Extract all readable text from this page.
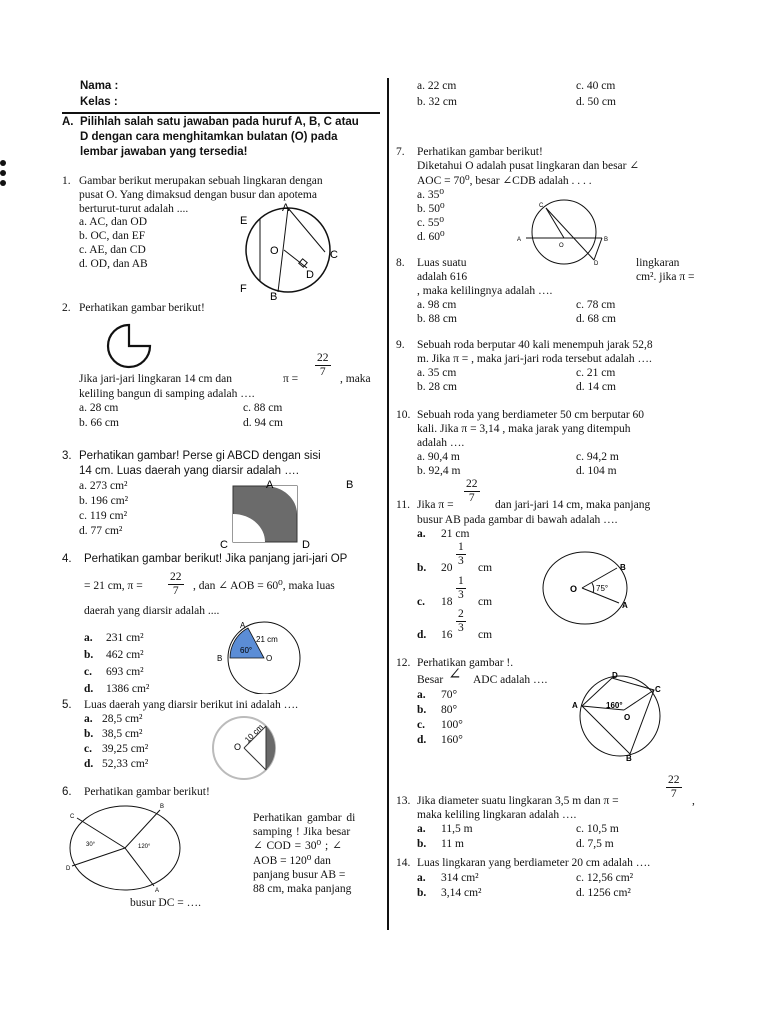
Nama :
Kelas :
A. Pilihlah salah satu jawaban pada huruf A, B, C atau
D dengan cara menghitamkan bulatan (O) pada
lembar jawaban yang tersedia!
1. Gambar berikut merupakan sebuah lingkaran dengan
pusat O. Yang dimaksud dengan busur dan apotema
berturut-turut adalah ....
a. AC, dan OD
b. OC, dan EF
c. AE, dan CD
d. OD, dan AB
A
E
O	C
D
F
B
2. Perhatikan gambar berikut!
Jika jari-jari lingkaran 14 cm dan	$\pi = \frac{22}{7}$ , maka
keliling bangun di samping adalah ….
a. 28 cm	c. 88 cm
b. 66 cm	d. 94 cm
3. Perhatikan gambar! Perse gi ABCD dengan sisi
14 cm. Luas daerah yang diarsir adalah ….
a. 273 cm²
b. 196 cm²
c. 119 cm²
d. 77 cm²
A	B
C	D
4. Perhatikan gambar berikut! Jika panjang jari-jari OP
= 21 cm, $\pi = \frac{22}{7}$ , dan ∠ AOB = 60⁰, maka luas
daerah yang diarsir adalah ....
a. 231 cm²
b. 462 cm²
c. 693 cm²
d. 1386 cm²
A
B	O
21 cm
60°
5. Luas daerah yang diarsir berikut ini adalah ….
a. 28,5 cm²
b. 38,5 cm²
c. 39,25 cm²
d. 52,33 cm²
O
10 cm
6. Perhatikan gambar berikut!
B
C
D
A
30°	120°
Perhatikan gambar di
samping ! Jika besar
∠ COD = 30⁰ ; ∠
AOB = 120⁰ dan
panjang busur AB =
88 cm, maka panjang
busur DC = ….
a. 22 cm	c. 40 cm
b. 32 cm	d. 50 cm
7. Perhatikan gambar berikut!
Diketahui O adalah pusat lingkaran dan besar ∠
AOC = 70⁰, besar ∠CDB adalah . . . .
a. 35⁰
b. 50⁰
c. 55⁰
d. 60⁰
C
A
O
B
D
8. Luas suatu	lingkaran
adalah 616	cm². jika π =
, maka kelilingnya adalah ….
a. 98 cm	c. 78 cm
b. 88 cm	d. 68 cm
9. Sebuah roda berputar 40 kali menempuh jarak 52,8
m. Jika π = , maka jari-jari roda tersebut adalah ….
a. 35 cm	c. 21 cm
b. 28 cm	d. 14 cm
10. Sebuah roda yang berdiameter 50 cm berputar 60
kali. Jika π = 3,14 , maka jarak yang ditempuh
adalah ….
a. 90,4 m	c. 94,2 m
b. 92,4 m	d. 104 m
11. Jika $\pi = \frac{22}{7}$ dan jari-jari 14 cm, maka panjang
busur AB pada gambar di bawah adalah ….
a. 21 cm
b. $20 \frac{1}{3}$ cm
c. $18 \frac{1}{3}$ cm
d. $16 \frac{2}{3}$ cm
O 75°
B
A
12. Perhatikan gambar !.
Besar ∠ ADC adalah ….
a. 70°
b. 80°
c. 100°
d. 160°
D
C
A	160°
O
B
13. Jika diameter suatu lingkaran 3,5 m dan π =	$\frac{22}{7}$ ,
maka keliling lingkaran adalah ….
a. 11,5 m	c. 10,5 m
b. 11 m	d. 7,5 m
14. Luas lingkaran yang berdiameter 20 cm adalah ….
a. 314 cm²	c. 12,56 cm²
b. 3,14 cm²	d. 1256 cm²
